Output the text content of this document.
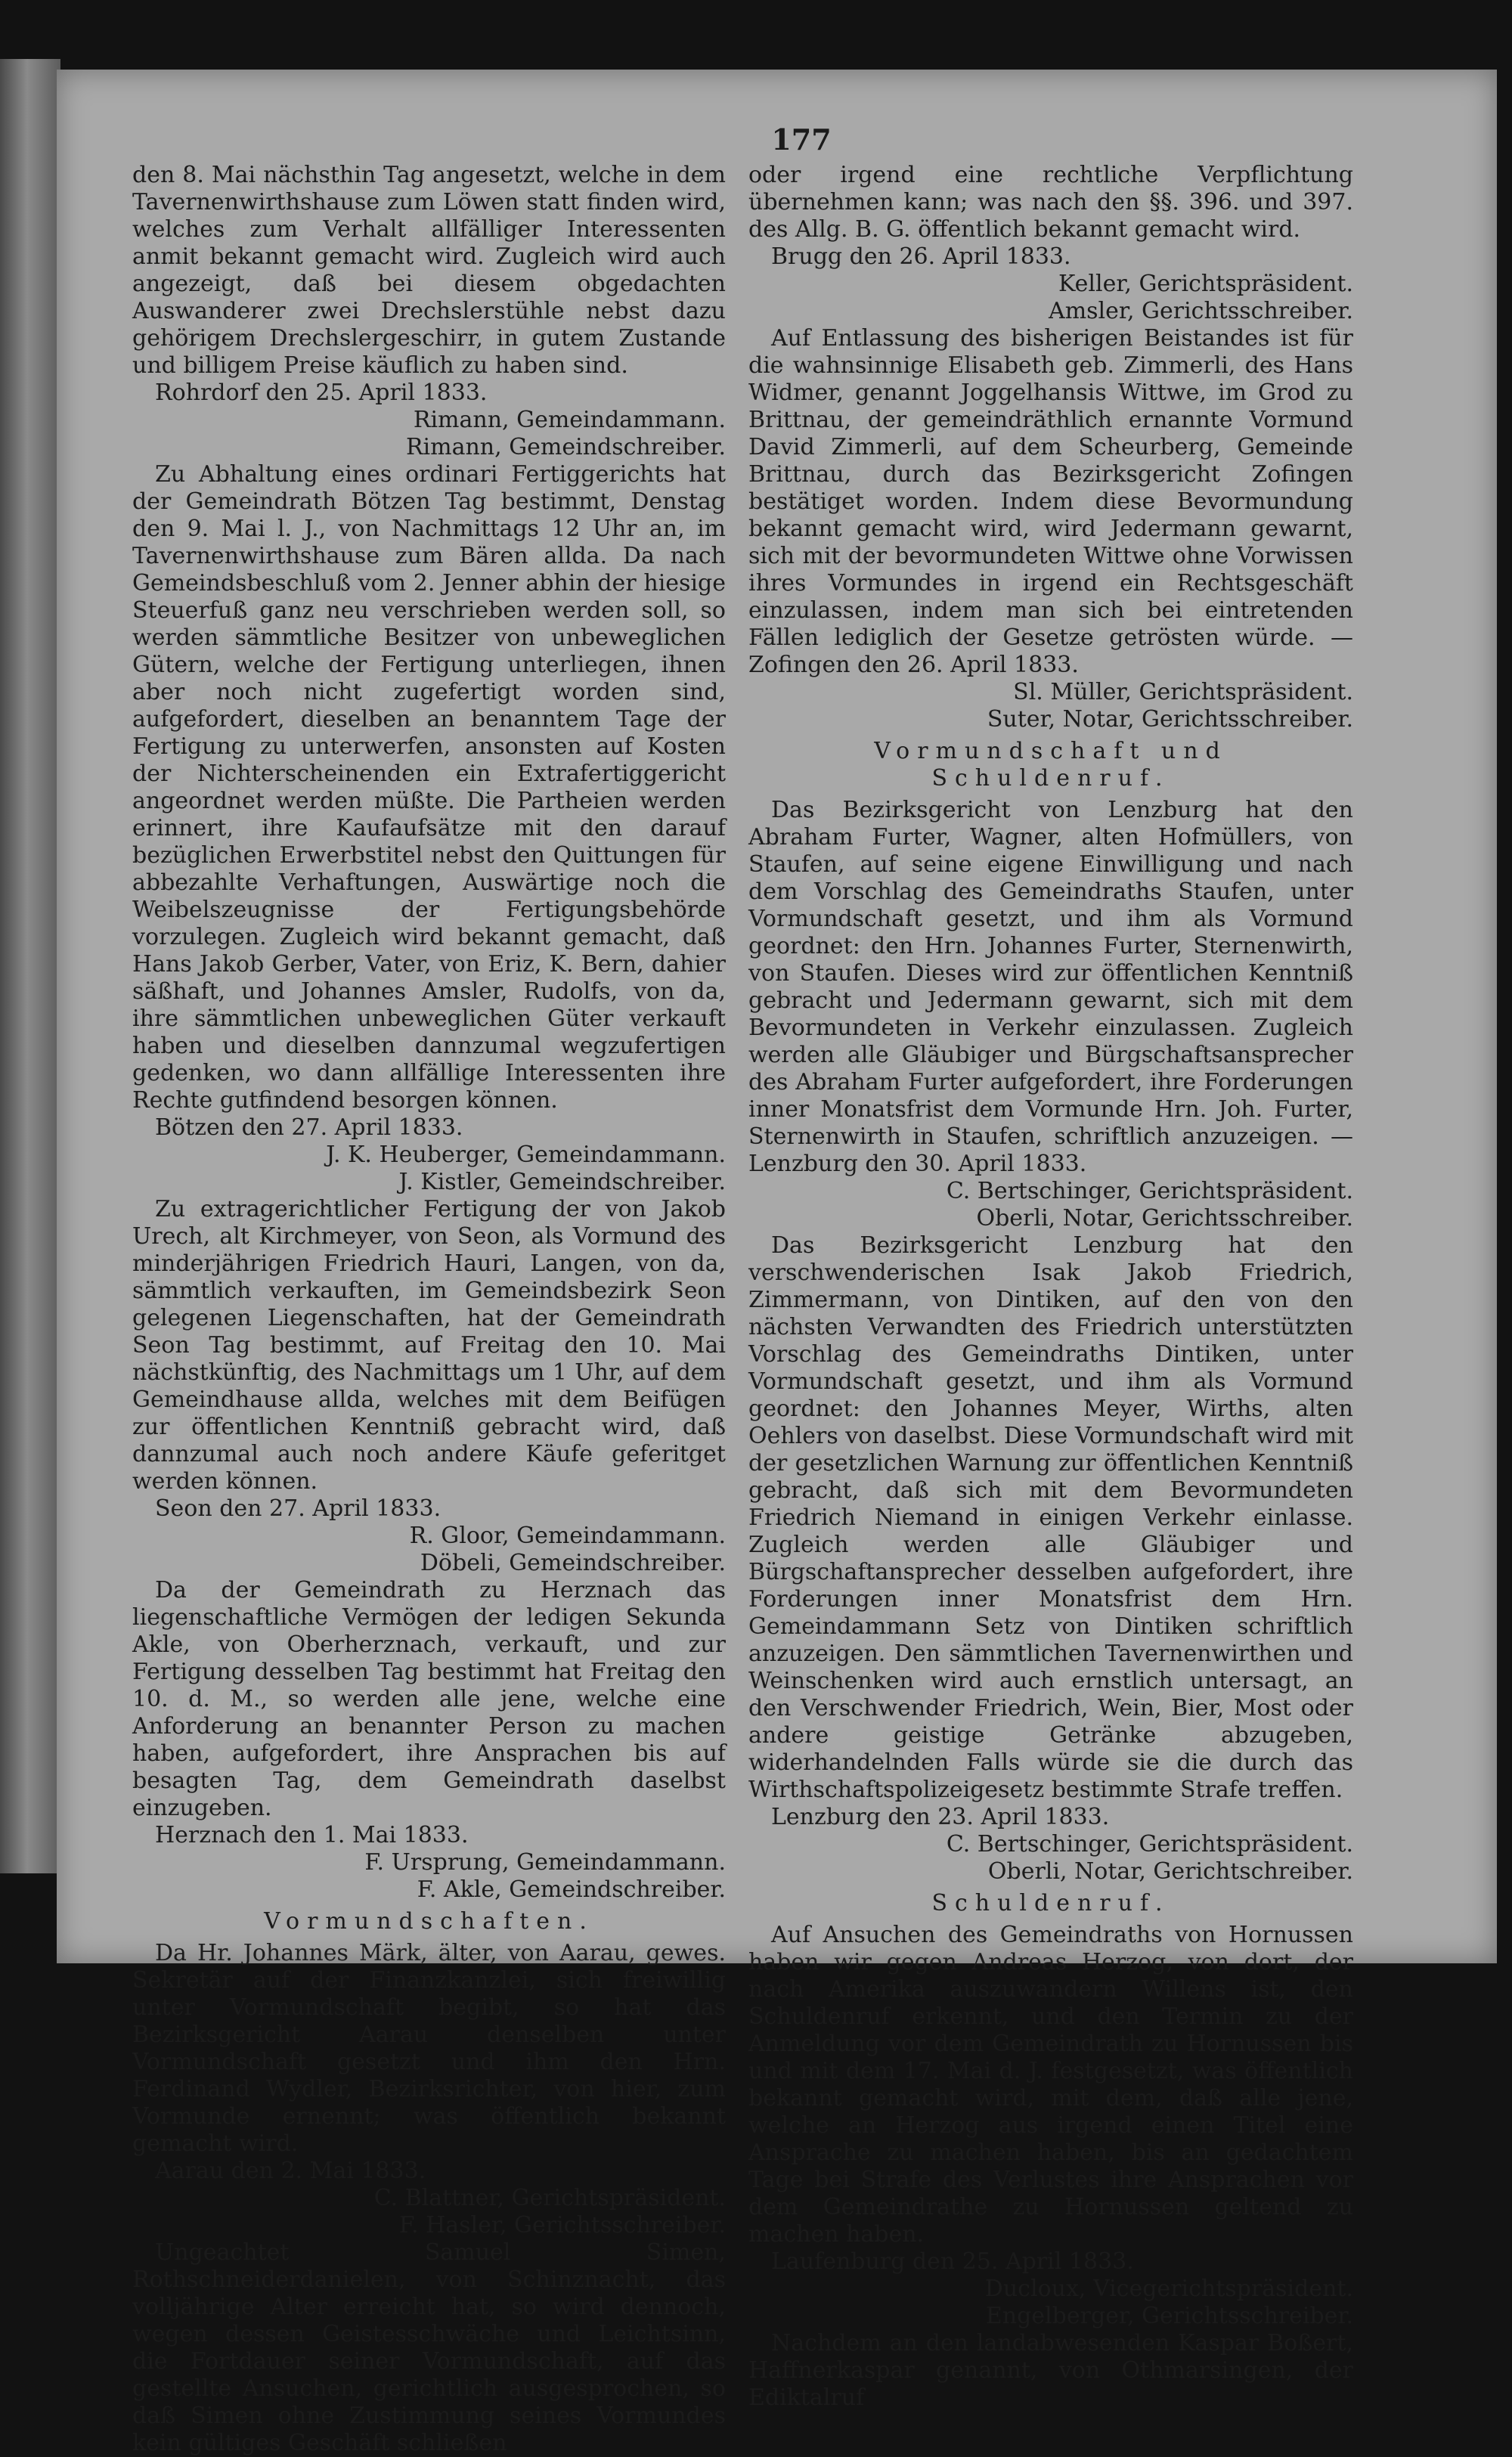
177

den 8. Mai nächsthin Tag angesetzt, welche in dem Tavernenwirthshause zum Löwen statt finden wird, welches zum Verhalt allfälliger Interessenten anmit bekannt gemacht wird. Zugleich wird auch angezeigt, daß bei diesem obgedachten Auswanderer zwei Drechslerstühle nebst dazu gehörigem Drechslergeschirr, in gutem Zustande und billigem Preise käuflich zu haben sind.

Rohrdorf den 25. April 1833.

Rimann, Gemeindammann.

Rimann, Gemeindschreiber.

Zu Abhaltung eines ordinari Fertiggerichts hat der Gemeindrath Bötzen Tag bestimmt, Denstag den 9. Mai l. J., von Nachmittags 12 Uhr an, im Tavernenwirthshause zum Bären allda. Da nach Gemeindsbeschluß vom 2. Jenner abhin der hiesige Steuerfuß ganz neu verschrieben werden soll, so werden sämmtliche Besitzer von unbeweglichen Gütern, welche der Fertigung unterliegen, ihnen aber noch nicht zugefertigt worden sind, aufgefordert, dieselben an benanntem Tage der Fertigung zu unterwerfen, ansonsten auf Kosten der Nichterscheinenden ein Extrafertiggericht angeordnet werden müßte. Die Partheien werden erinnert, ihre Kaufaufsätze mit den darauf bezüglichen Erwerbstitel nebst den Quittungen für abbezahlte Verhaftungen, Auswärtige noch die Weibelszeugnisse der Fertigungsbehörde vorzulegen. Zugleich wird bekannt gemacht, daß Hans Jakob Gerber, Vater, von Eriz, K. Bern, dahier säßhaft, und Johannes Amsler, Rudolfs, von da, ihre sämmtlichen unbeweglichen Güter verkauft haben und dieselben dannzumal wegzufertigen gedenken, wo dann allfällige Interessenten ihre Rechte gutfindend besorgen können.

Bötzen den 27. April 1833.

J. K. Heuberger, Gemeindammann.

J. Kistler, Gemeindschreiber.

Zu extragerichtlicher Fertigung der von Jakob Urech, alt Kirchmeyer, von Seon, als Vormund des minderjährigen Friedrich Hauri, Langen, von da, sämmtlich verkauften, im Gemeindsbezirk Seon gelegenen Liegenschaften, hat der Gemeindrath Seon Tag bestimmt, auf Freitag den 10. Mai nächstkünftig, des Nachmittags um 1 Uhr, auf dem Gemeindhause allda, welches mit dem Beifügen zur öffentlichen Kenntniß gebracht wird, daß dannzumal auch noch andere Käufe geferitget werden können.

Seon den 27. April 1833.

R. Gloor, Gemeindammann.

Döbeli, Gemeindschreiber.

Da der Gemeindrath zu Herznach das liegenschaftliche Vermögen der ledigen Sekunda Akle, von Oberherznach, verkauft, und zur Fertigung desselben Tag bestimmt hat Freitag den 10. d. M., so werden alle jene, welche eine Anforderung an benannter Person zu machen haben, aufgefordert, ihre Ansprachen bis auf besagten Tag, dem Gemeindrath daselbst einzugeben.

Herznach den 1. Mai 1833.

F. Ursprung, Gemeindammann.

F. Akle, Gemeindschreiber.

Vormundschaften.

Da Hr. Johannes Märk, älter, von Aarau, gewes. Sekretär auf der Finanzkanzlei, sich freiwillig unter Vormundschaft begibt, so hat das Bezirksgericht Aarau denselben unter Vormundschaft gesetzt und ihm den Hrn. Ferdinand Wydler, Bezirksrichter, von hier, zum Vormunde ernennt; was öffentlich bekannt gemacht wird.

Aarau den 2. Mai 1833.

C. Blattner, Gerichtspräsident.

F. Hasler, Gerichtsschreiber.

Ungeachtet Samuel Simen, Rothschneiderdanielen, von Schinznacht, das volljährige Alter erreicht hat, so wird dennoch, wegen dessen Geistesschwäche und Leichtsinn, die Fortdauer seiner Vormundschaft, auf das gestellte Ansuchen, gerichtlich ausgesprochen, so daß Simen ohne Zustimmung seines Vormundes kein gültiges Geschäft schließen

oder irgend eine rechtliche Verpflichtung übernehmen kann; was nach den §§. 396. und 397. des Allg. B. G. öffentlich bekannt gemacht wird.

Brugg den 26. April 1833.

Keller, Gerichtspräsident.

Amsler, Gerichtsschreiber.

Auf Entlassung des bisherigen Beistandes ist für die wahnsinnige Elisabeth geb. Zimmerli, des Hans Widmer, genannt Joggelhansis Wittwe, im Grod zu Brittnau, der gemeindräthlich ernannte Vormund David Zimmerli, auf dem Scheurberg, Gemeinde Brittnau, durch das Bezirksgericht Zofingen bestätiget worden. Indem diese Bevormundung bekannt gemacht wird, wird Jedermann gewarnt, sich mit der bevormundeten Wittwe ohne Vorwissen ihres Vormundes in irgend ein Rechtsgeschäft einzulassen, indem man sich bei eintretenden Fällen lediglich der Gesetze getrösten würde. — Zofingen den 26. April 1833.

Sl. Müller, Gerichtspräsident.

Suter, Notar, Gerichtsschreiber.

Vormundschaft und Schuldenruf.

Das Bezirksgericht von Lenzburg hat den Abraham Furter, Wagner, alten Hofmüllers, von Staufen, auf seine eigene Einwilligung und nach dem Vorschlag des Gemeindraths Staufen, unter Vormundschaft gesetzt, und ihm als Vormund geordnet: den Hrn. Johannes Furter, Sternenwirth, von Staufen. Dieses wird zur öffentlichen Kenntniß gebracht und Jedermann gewarnt, sich mit dem Bevormundeten in Verkehr einzulassen. Zugleich werden alle Gläubiger und Bürgschaftsansprecher des Abraham Furter aufgefordert, ihre Forderungen inner Monatsfrist dem Vormunde Hrn. Joh. Furter, Sternenwirth in Staufen, schriftlich anzuzeigen. — Lenzburg den 30. April 1833.

C. Bertschinger, Gerichtspräsident.

Oberli, Notar, Gerichtsschreiber.

Das Bezirksgericht Lenzburg hat den verschwenderischen Isak Jakob Friedrich, Zimmermann, von Dintiken, auf den von den nächsten Verwandten des Friedrich unterstützten Vorschlag des Gemeindraths Dintiken, unter Vormundschaft gesetzt, und ihm als Vormund geordnet: den Johannes Meyer, Wirths, alten Oehlers von daselbst. Diese Vormundschaft wird mit der gesetzlichen Warnung zur öffentlichen Kenntniß gebracht, daß sich mit dem Bevormundeten Friedrich Niemand in einigen Verkehr einlasse. Zugleich werden alle Gläubiger und Bürgschaftansprecher desselben aufgefordert, ihre Forderungen inner Monatsfrist dem Hrn. Gemeindammann Setz von Dintiken schriftlich anzuzeigen. Den sämmtlichen Tavernenwirthen und Weinschenken wird auch ernstlich untersagt, an den Verschwender Friedrich, Wein, Bier, Most oder andere geistige Getränke abzugeben, widerhandelnden Falls würde sie die durch das Wirthschaftspolizeigesetz bestimmte Strafe treffen.

Lenzburg den 23. April 1833.

C. Bertschinger, Gerichtspräsident.

Oberli, Notar, Gerichtschreiber.

Schuldenruf.

Auf Ansuchen des Gemeindraths von Hornussen haben wir gegen Andreas Herzog, von dort, der nach Amerika auszuwandern Willens ist, den Schuldenruf erkennt, und den Termin zu der Anmeldung vor dem Gemeindrath zu Hornussen bis und mit dem 17. Mai d. J. festgesetzt, was öffentlich bekannt gemacht wird, mit dem, daß alle jene, welche an Herzog aus irgend einen Titel eine Ansprache zu machen haben, bis an gedachtem Tage bei Strafe des Verlustes ihre Ansprachen vor dem Gemeindrathe zu Hornussen geltend zu machen haben.

Laufenburg den 25. April 1833.

Ducloux, Vicegerichtspräsident.

Engelberger, Gerichtsschreiber.

Nachdem an den landabwesenden Kaspar Boßert, Haffnerkaspar genannt, von Othmarsingen, der Ediktalruf
